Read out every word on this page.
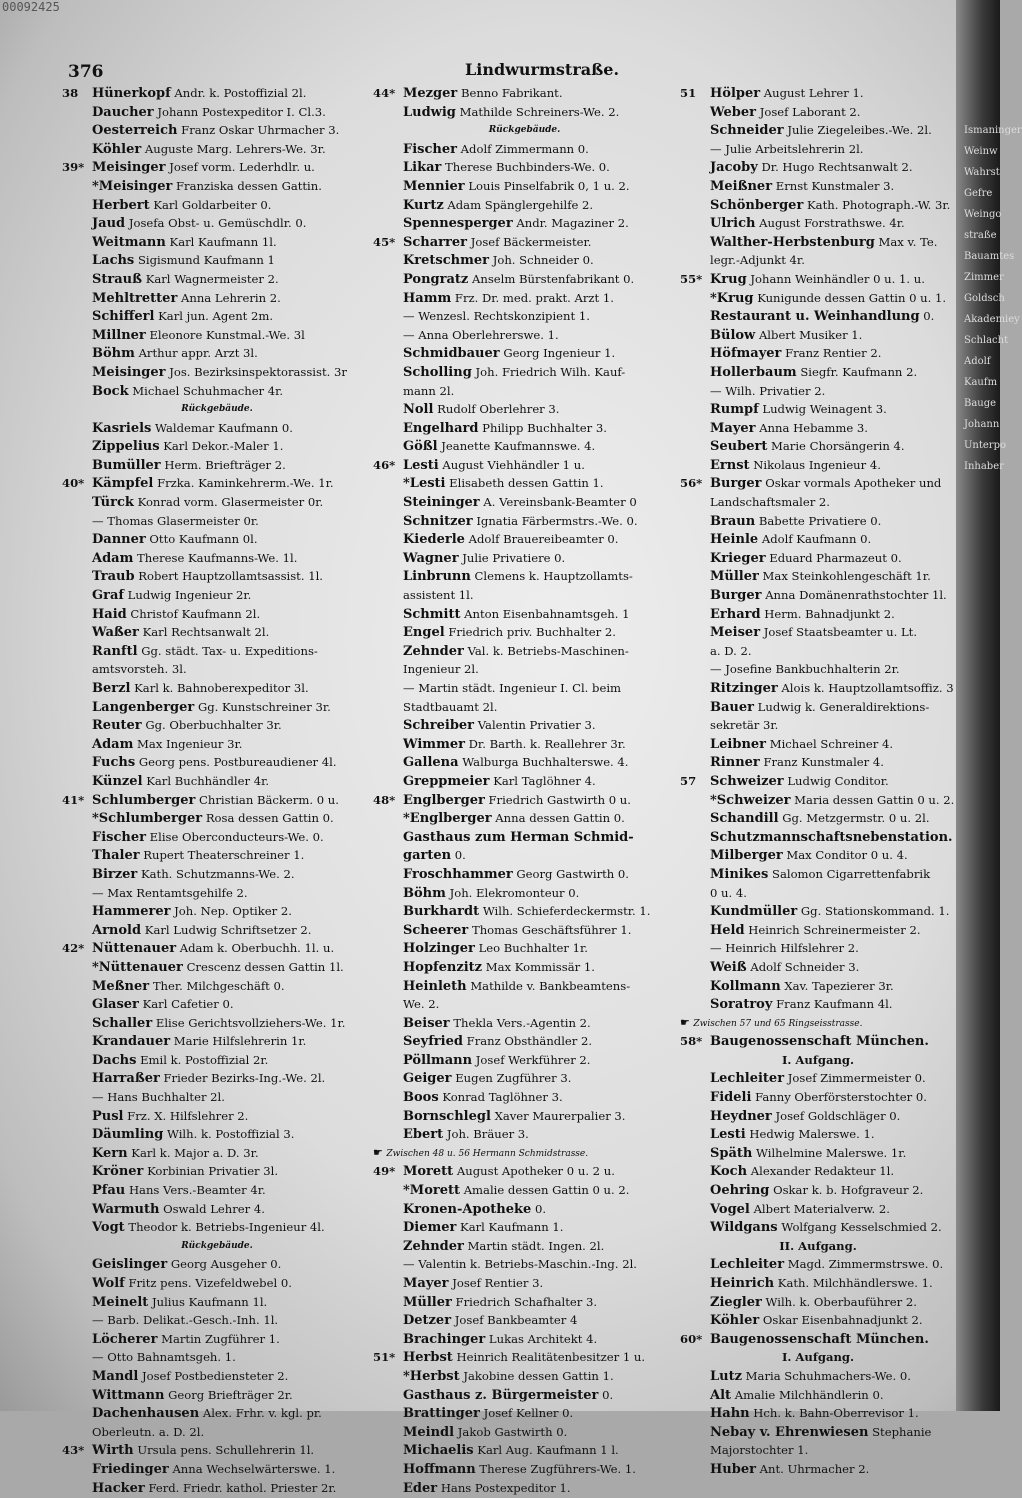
00092425
376	Lindwurmstraße.
38 Hünerkopf Andr. k. Postoffizial 2l.
Daucher Johann Postexpeditor I. Cl.3.
Oesterreich Franz Oskar Uhrmacher 3.
Köhler Auguste Marg. Lehrers-We. 3r.
39* Meisinger Josef vorm. Lederhdlr. u.
*Meisinger Franziska dessen Gattin.
Herbert Karl Goldarbeiter 0.
Jaud Josefa Obst- u. Gemüschdlr. 0.
Weitmann Karl Kaufmann 1l.
Lachs Sigismund Kaufmann 1
Strauß Karl Wagnermeister 2.
Mehltretter Anna Lehrerin 2.
Schifferl Karl jun. Agent 2m.
Millner Eleonore Kunstmal.-We. 3l
Böhm Arthur appr. Arzt 3l.
Meisinger Jos. Bezirksinspektorassist. 3r
Bock Michael Schuhmacher 4r.
Rückgebäude.
Kasriels Waldemar Kaufmann 0.
Zippelius Karl Dekor.-Maler 1.
Bumüller Herm. Briefträger 2.
40* Kämpfel Frzka. Kaminkehrerm.-We. 1r.
Türck Konrad vorm. Glasermeister 0r.
— Thomas Glasermeister 0r.
Danner Otto Kaufmann 0l.
Adam Therese Kaufmanns-We. 1l.
Traub Robert Hauptzollamtsassist. 1l.
Graf Ludwig Ingenieur 2r.
Haid Christof Kaufmann 2l.
Waßer Karl Rechtsanwalt 2l.
Ranftl Gg. städt. Tax- u. Expeditions-
amtsvorsteh. 3l.
Berzl Karl k. Bahnoberexpeditor 3l.
Langenberger Gg. Kunstschreiner 3r.
Reuter Gg. Oberbuchhalter 3r.
Adam Max Ingenieur 3r.
Fuchs Georg pens. Postbureaudiener 4l.
Künzel Karl Buchhändler 4r.
41* Schlumberger Christian Bäckerm. 0 u.
*Schlumberger Rosa dessen Gattin 0.
Fischer Elise Oberconducteurs-We. 0.
Thaler Rupert Theaterschreiner 1.
Birzer Kath. Schutzmanns-We. 2.
— Max Rentamtsgehilfe 2.
Hammerer Joh. Nep. Optiker 2.
Arnold Karl Ludwig Schriftsetzer 2.
42* Nüttenauer Adam k. Oberbuchh. 1l. u.
*Nüttenauer Crescenz dessen Gattin 1l.
Meßner Ther. Milchgeschäft 0.
Glaser Karl Cafetier 0.
Schaller Elise Gerichtsvollziehers-We. 1r.
Krandauer Marie Hilfslehrerin 1r.
Dachs Emil k. Postoffizial 2r.
Harraßer Frieder Bezirks-Ing.-We. 2l.
— Hans Buchhalter 2l.
Pusl Frz. X. Hilfslehrer 2.
Däumling Wilh. k. Postoffizial 3.
Kern Karl k. Major a. D. 3r.
Kröner Korbinian Privatier 3l.
Pfau Hans Vers.-Beamter 4r.
Warmuth Oswald Lehrer 4.
Vogt Theodor k. Betriebs-Ingenieur 4l.
Rückgebäude.
Geislinger Georg Ausgeher 0.
Wolf Fritz pens. Vizefeldwebel 0.
Meinelt Julius Kaufmann 1l.
— Barb. Delikat.-Gesch.-Inh. 1l.
Löcherer Martin Zugführer 1.
— Otto Bahnamtsgeh. 1.
Mandl Josef Postbediensteter 2.
Wittmann Georg Briefträger 2r.
Dachenhausen Alex. Frhr. v. kgl. pr.
Oberleutn. a. D. 2l.
43* Wirth Ursula pens. Schullehrerin 1l.
Friedinger Anna Wechselwärterswe. 1.
Hacker Ferd. Friedr. kathol. Priester 2r.
44* Mezger Benno Fabrikant.
Ludwig Mathilde Schreiners-We. 2.
Rückgebäude.
Fischer Adolf Zimmermann 0.
Likar Therese Buchbinders-We. 0.
Mennier Louis Pinselfabrik 0, 1 u. 2.
Kurtz Adam Spänglergehilfe 2.
Spennesperger Andr. Magaziner 2.
45* Scharrer Josef Bäckermeister.
Kretschmer Joh. Schneider 0.
Pongratz Anselm Bürstenfabrikant 0.
Hamm Frz. Dr. med. prakt. Arzt 1.
— Wenzesl. Rechtskonzipient 1.
— Anna Oberlehrerswe. 1.
Schmidbauer Georg Ingenieur 1.
Scholling Joh. Friedrich Wilh. Kauf-
mann 2l.
Noll Rudolf Oberlehrer 3.
Engelhard Philipp Buchhalter 3.
Gößl Jeanette Kaufmannswe. 4.
46* Lesti August Viehhändler 1 u.
*Lesti Elisabeth dessen Gattin 1.
Steininger A. Vereinsbank-Beamter 0
Schnitzer Ignatia Färbermstrs.-We. 0.
Kiederle Adolf Brauereibeamter 0.
Wagner Julie Privatiere 0.
Linbrunn Clemens k. Hauptzollamts-
assistent 1l.
Schmitt Anton Eisenbahnamtsgeh. 1
Engel Friedrich priv. Buchhalter 2.
Zehnder Val. k. Betriebs-Maschinen-
Ingenieur 2l.
— Martin städt. Ingenieur I. Cl. beim
Stadtbauamt 2l.
Schreiber Valentin Privatier 3.
Wimmer Dr. Barth. k. Reallehrer 3r.
Gallena Walburga Buchhalterswe. 4.
Greppmeier Karl Taglöhner 4.
48* Englberger Friedrich Gastwirth 0 u.
*Englberger Anna dessen Gattin 0.
Gasthaus zum Herman Schmid-
garten 0.
Froschhammer Georg Gastwirth 0.
Böhm Joh. Elekromonteur 0.
Burkhardt Wilh. Schieferdeckermstr. 1.
Scheerer Thomas Geschäftsführer 1.
Holzinger Leo Buchhalter 1r.
Hopfenzitz Max Kommissär 1.
Heinleth Mathilde v. Bankbeamtens-
We. 2.
Beiser Thekla Vers.-Agentin 2.
Seyfried Franz Obsthändler 2.
Pöllmann Josef Werkführer 2.
Geiger Eugen Zugführer 3.
Boos Konrad Taglöhner 3.
Bornschlegl Xaver Maurerpalier 3.
Ebert Joh. Bräuer 3.
☛ Zwischen 48 u. 56 Hermann Schmidstrasse.
49* Morett August Apotheker 0 u. 2 u.
*Morett Amalie dessen Gattin 0 u. 2.
Kronen-Apotheke 0.
Diemer Karl Kaufmann 1.
Zehnder Martin städt. Ingen. 2l.
— Valentin k. Betriebs-Maschin.-Ing. 2l.
Mayer Josef Rentier 3.
Müller Friedrich Schafhalter 3.
Detzer Josef Bankbeamter 4
Brachinger Lukas Architekt 4.
51* Herbst Heinrich Realitätenbesitzer 1 u.
*Herbst Jakobine dessen Gattin 1.
Gasthaus z. Bürgermeister 0.
Brattinger Josef Kellner 0.
Meindl Jakob Gastwirth 0.
Michaelis Karl Aug. Kaufmann 1 l.
Hoffmann Therese Zugführers-We. 1.
Eder Hans Postexpeditor 1.
51 Hölper August Lehrer 1.
Weber Josef Laborant 2.
Schneider Julie Ziegeleibes.-We. 2l.
— Julie Arbeitslehrerin 2l.
Jacoby Dr. Hugo Rechtsanwalt 2.
Meißner Ernst Kunstmaler 3.
Schönberger Kath. Photograph.-W. 3r.
Ulrich August Forstrathswe. 4r.
Walther-Herbstenburg Max v. Te.
legr.-Adjunkt 4r.
55* Krug Johann Weinhändler 0 u. 1. u.
*Krug Kunigunde dessen Gattin 0 u. 1.
Restaurant u. Weinhandlung 0.
Bülow Albert Musiker 1.
Höfmayer Franz Rentier 2.
Hollerbaum Siegfr. Kaufmann 2.
— Wilh. Privatier 2.
Rumpf Ludwig Weinagent 3.
Mayer Anna Hebamme 3.
Seubert Marie Chorsängerin 4.
Ernst Nikolaus Ingenieur 4.
56* Burger Oskar vormals Apotheker und
Landschaftsmaler 2.
Braun Babette Privatiere 0.
Heinle Adolf Kaufmann 0.
Krieger Eduard Pharmazeut 0.
Müller Max Steinkohlengeschäft 1r.
Burger Anna Domänenrathstochter 1l.
Erhard Herm. Bahnadjunkt 2.
Meiser Josef Staatsbeamter u. Lt.
a. D. 2.
— Josefine Bankbuchhalterin 2r.
Ritzinger Alois k. Hauptzollamtsoffiz. 3
Bauer Ludwig k. Generaldirektions-
sekretär 3r.
Leibner Michael Schreiner 4.
Rinner Franz Kunstmaler 4.
57 Schweizer Ludwig Conditor.
*Schweizer Maria dessen Gattin 0 u. 2.
Schandill Gg. Metzgermstr. 0 u. 2l.
Schutzmannschaftsnebenstation.
Milberger Max Conditor 0 u. 4.
Minikes Salomon Cigarrettenfabrik
0 u. 4.
Kundmüller Gg. Stationskommand. 1.
Held Heinrich Schreinermeister 2.
— Heinrich Hilfslehrer 2.
Weiß Adolf Schneider 3.
Kollmann Xav. Tapezierer 3r.
Soratroy Franz Kaufmann 4l.
☛ Zwischen 57 und 65 Ringseisstrasse.
58* Baugenossenschaft München.
I. Aufgang.
Lechleiter Josef Zimmermeister 0.
Fideli Fanny Oberförsterstochter 0.
Heydner Josef Goldschläger 0.
Lesti Hedwig Malerswe. 1.
Späth Wilhelmine Malerswe. 1r.
Koch Alexander Redakteur 1l.
Oehring Oskar k. b. Hofgraveur 2.
Vogel Albert Materialverw. 2.
Wildgans Wolfgang Kesselschmied 2.
II. Aufgang.
Lechleiter Magd. Zimmermstrswe. 0.
Heinrich Kath. Milchhändlerswe. 1.
Ziegler Wilh. k. Oberbauführer 2.
Köhler Oskar Eisenbahnadjunkt 2.
60* Baugenossenschaft München.
I. Aufgang.
Lutz Maria Schuhmachers-We. 0.
Alt Amalie Milchhändlerin 0.
Hahn Hch. k. Bahn-Oberrevisor 1.
Nebay v. Ehrenwiesen Stephanie
Majorstochter 1.
Huber Ant. Uhrmacher 2.
Ismaninger
Weinw
Wahrst
Gefre
Weingo
straße
Bauamtes
Zimmer
Goldsch
Akademiey
Schlacht
Adolf
Kaufm
Bauge
Johann
Unterpo
Inhaber
